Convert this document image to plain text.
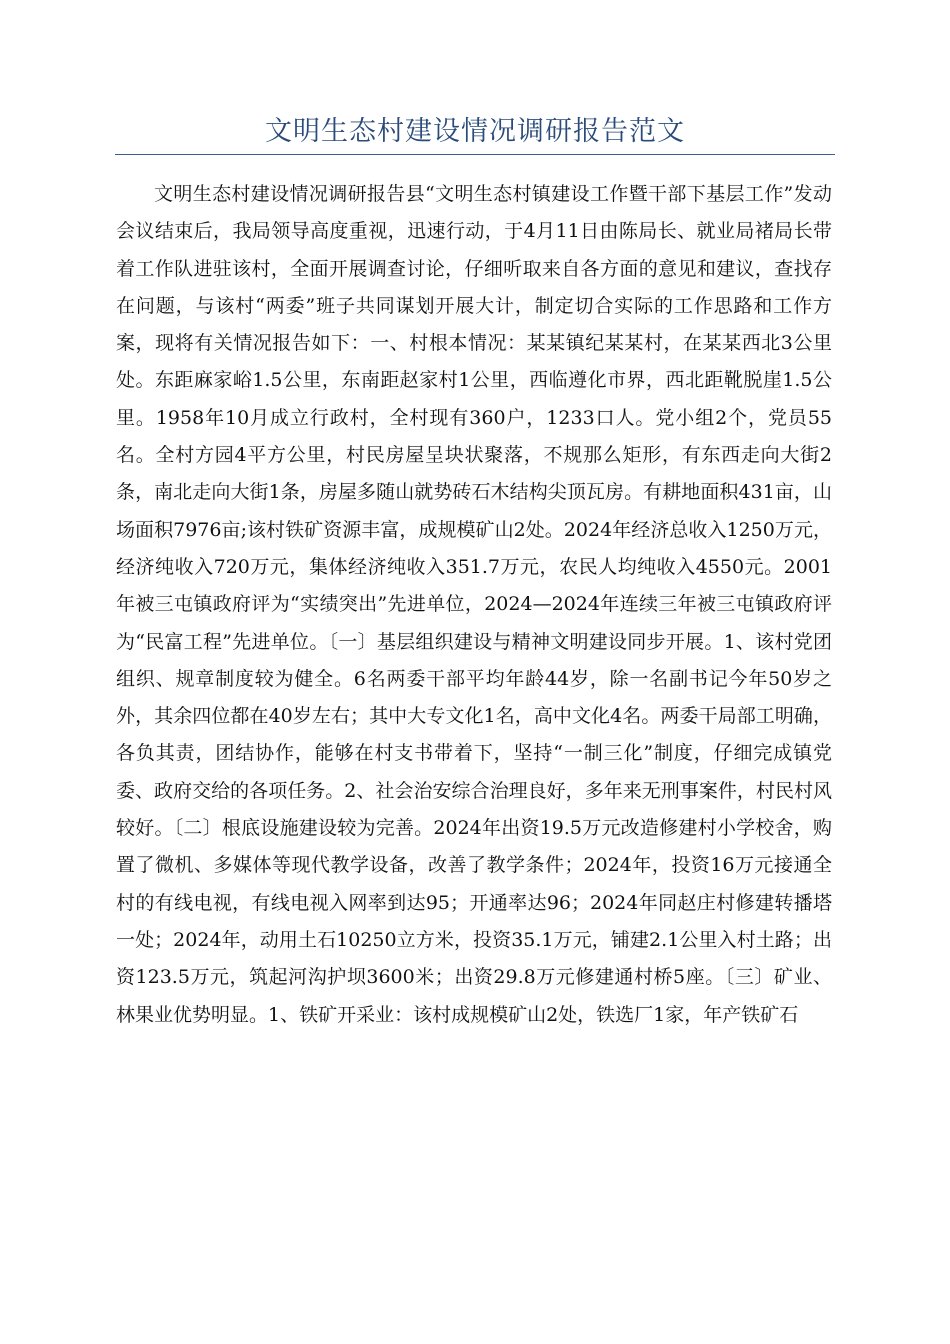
文明生态村建设情况调研报告范文

文明生态村建设情况调研报告县“文明生态村镇建设工作暨干部下基层工作”发动会议结束后，我局领导高度重视，迅速行动，于4月11日由陈局长、就业局褚局长带着工作队进驻该村，全面开展调查讨论，仔细听取来自各方面的意见和建议，查找存在问题，与该村“两委”班子共同谋划开展大计，制定切合实际的工作思路和工作方案，现将有关情况报告如下：一、村根本情况：某某镇纪某某村，在某某西北3公里处。东距麻家峪1.5公里，东南距赵家村1公里，西临遵化市界，西北距靴脱崖1.5公里。1958年10月成立行政村，全村现有360户，1233口人。党小组2个，党员55名。全村方园4平方公里，村民房屋呈块状聚落，不规那么矩形，有东西走向大街2条，南北走向大街1条，房屋多随山就势砖石木结构尖顶瓦房。有耕地面积431亩，山场面积7976亩;该村铁矿资源丰富，成规模矿山2处。2024年经济总收入1250万元，经济纯收入720万元，集体经济纯收入351.7万元，农民人均纯收入4550元。2001年被三屯镇政府评为“实绩突出”先进单位，2024—2024年连续三年被三屯镇政府评为“民富工程”先进单位。〔一〕基层组织建设与精神文明建设同步开展。1、该村党团组织、规章制度较为健全。6名两委干部平均年龄44岁，除一名副书记今年50岁之外，其余四位都在40岁左右；其中大专文化1名，高中文化4名。两委干局部工明确，各负其责，团结协作，能够在村支书带着下，坚持“一制三化”制度，仔细完成镇党委、政府交给的各项任务。2、社会治安综合治理良好，多年来无刑事案件，村民村风较好。〔二〕根底设施建设较为完善。2024年出资19.5万元改造修建村小学校舍，购置了微机、多媒体等现代教学设备，改善了教学条件；2024年，投资16万元接通全村的有线电视，有线电视入网率到达95；开通率达96；2024年同赵庄村修建转播塔一处；2024年，动用土石10250立方米，投资35.1万元，铺建2.1公里入村土路；出资123.5万元，筑起河沟护坝3600米；出资29.8万元修建通村桥5座。〔三〕矿业、林果业优势明显。1、铁矿开采业：该村成规模矿山2处，铁选厂1家，年产铁矿石
